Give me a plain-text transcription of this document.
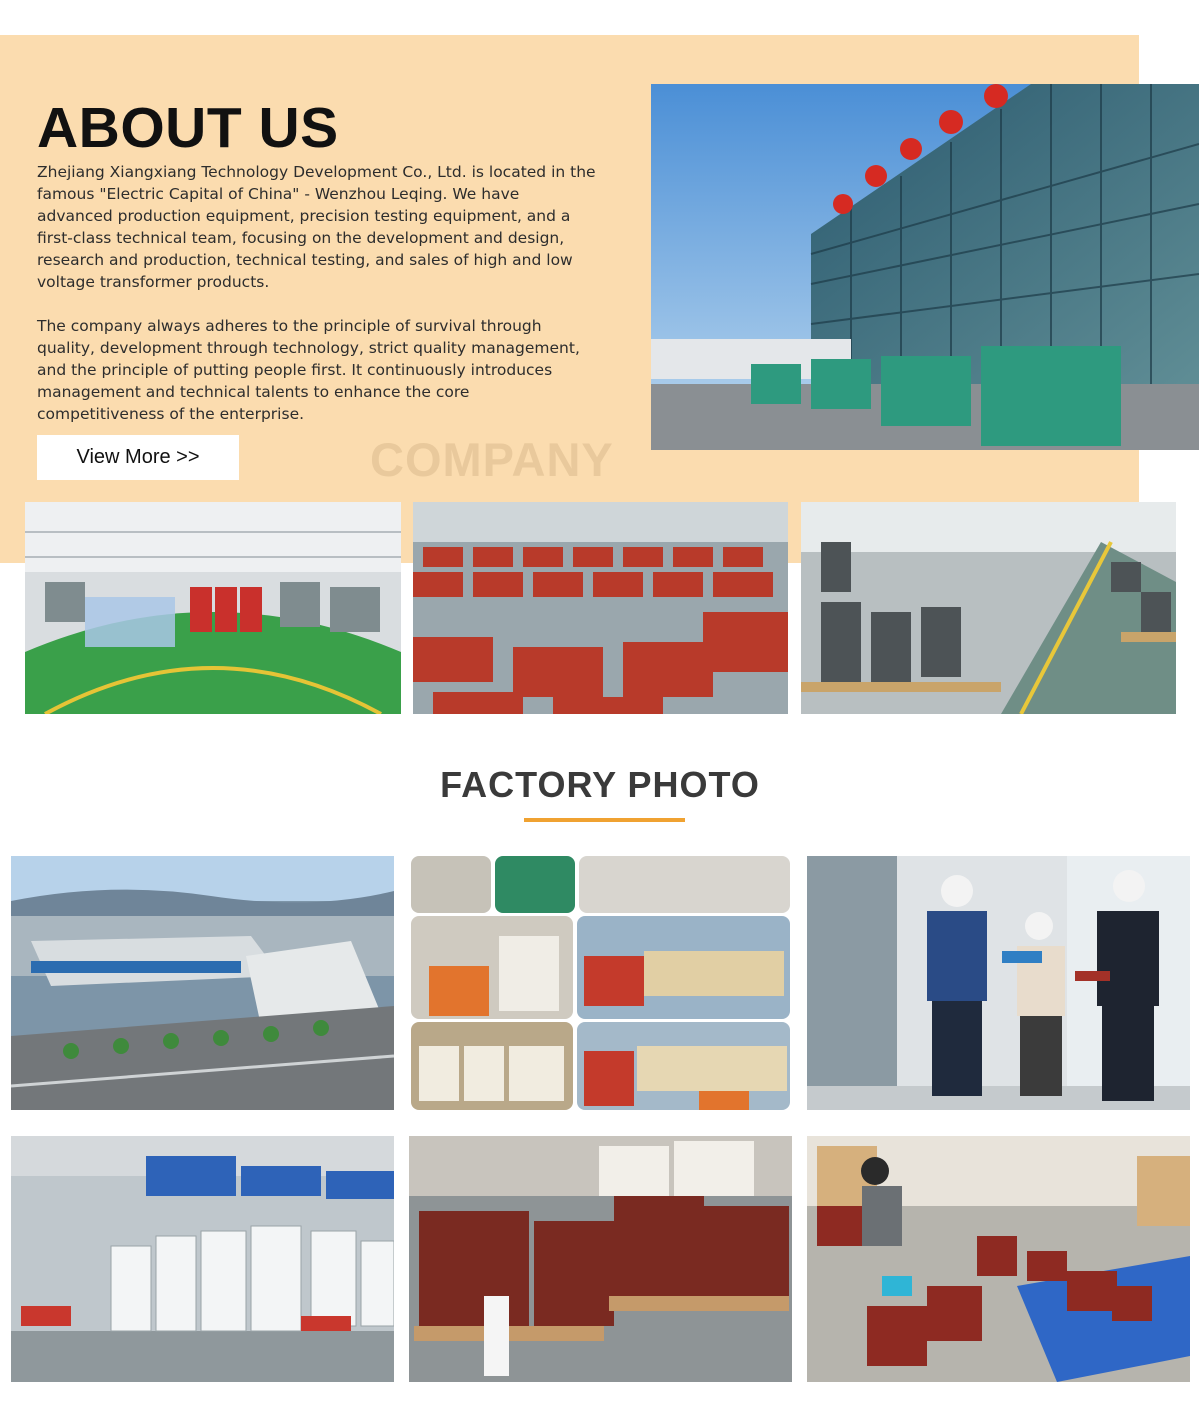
ABOUT US

Zhejiang Xiangxiang Technology Development Co., Ltd. is located in the famous "Electric Capital of China" - Wenzhou Leqing. We have advanced production equipment, precision testing equipment, and a first-class technical team, focusing on the development and design, research and production, technical testing, and sales of high and low voltage transformer products.

The company always adheres to the principle of survival through quality, development through technology, strict quality management, and the principle of putting people first. It continuously introduces management and technical talents to enhance the core competitiveness of the enterprise.

View More >>	COMPANY
FACTORY PHOTO
